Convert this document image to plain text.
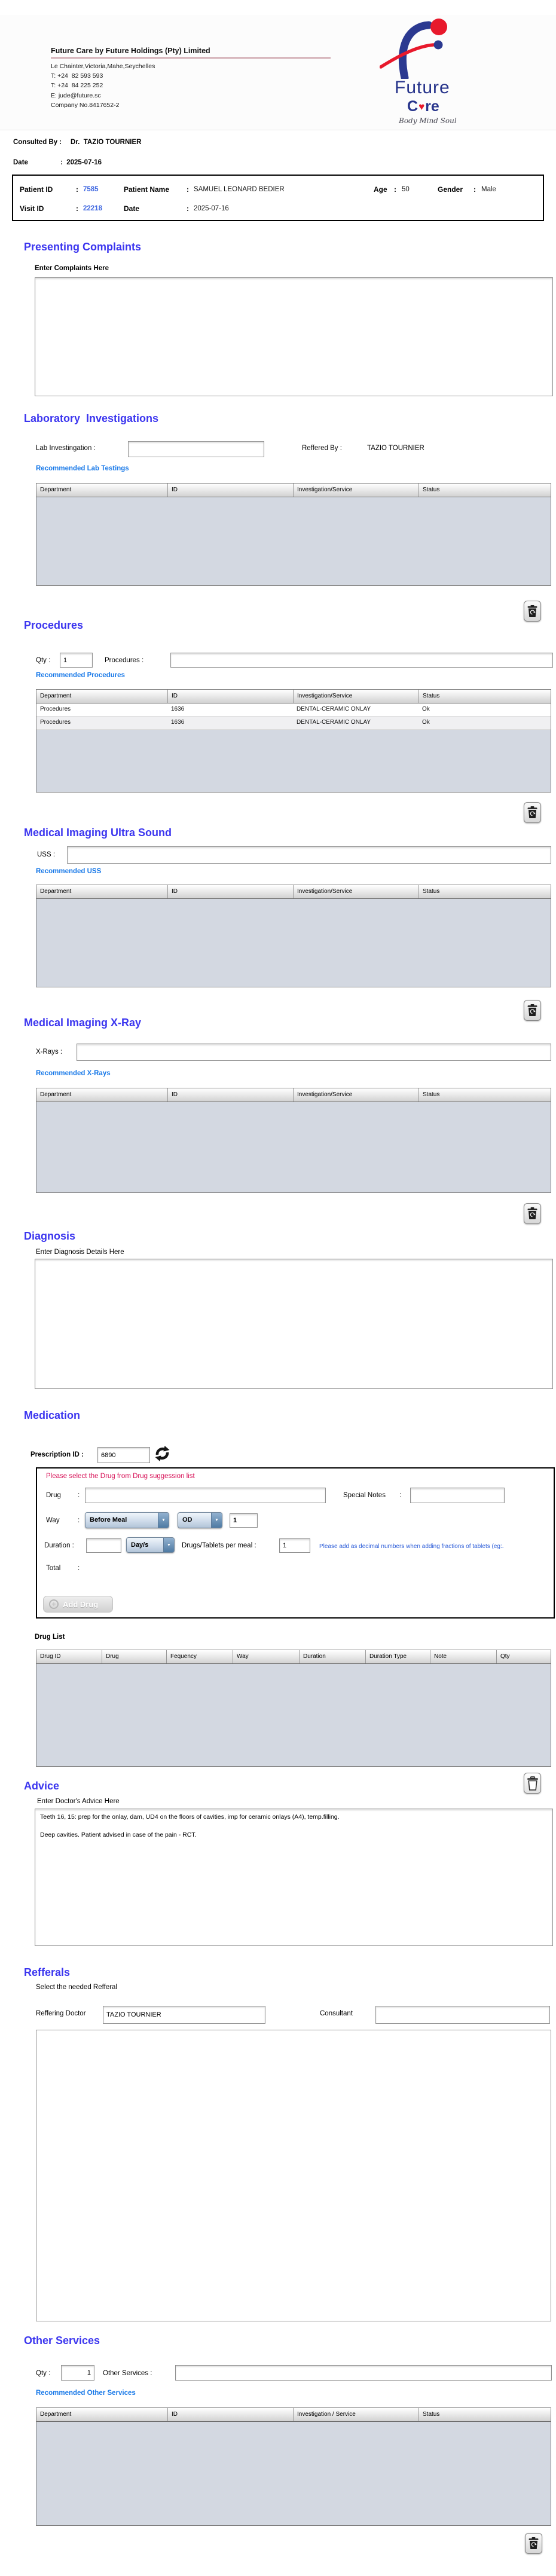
Future Care by Future Holdings (Pty) Limited
Le Chainter,Victoria,Mahe,Seychelles
T: +24  82 593 593
T: +24  84 225 252
E: jude@future.sc
Company No.8417652-2
Future
C ♥ re
Body Mind Soul
Consulted By : Dr.  TAZIO TOURNIER
Date	:  2025-07-16
Patient ID	: 7585	Patient Name : SAMUEL LEONARD BEDIER	Age : 50	Gender : Male
Visit ID	: 22218	Date	: 2025-07-16
Presenting Complaints
Enter Complaints Here
Laboratory  Investigations
Lab Investingation :	Reffered By :	TAZIO TOURNIER
Recommended Lab Testings
Department	ID	Investigation/Service	Status
Procedures
Qty :
1	Procedures :
Recommended Procedures
Department	ID	Investigation/Service	Status
Procedures	1636	DENTAL-CERAMIC ONLAY	Ok
Procedures	1636	DENTAL-CERAMIC ONLAY	Ok
Medical Imaging Ultra Sound
USS :
Recommended USS
Department	ID	Investigation/Service	Status
Medical Imaging X-Ray
X-Rays :
Recommended X-Rays
Department	ID	Investigation/Service	Status
Diagnosis
Enter Diagnosis Details Here
Medication
Prescription ID :
6890
Please select the Drug from Drug suggession list
Drug :	Special Notes :
Way	:	Before Meal	▼	OD	▼
1
Duration :	Day/s	▼	Drugs/Tablets per meal :
1	Please add as decimal numbers when adding fractions of tablets (eg:.
Total :
+ Add Drug
Drug List
Drug ID	Drug	Fequency	Way	Duration	Duration Type	Note	Qty
Advice
Enter Doctor's Advice Here
Teeth 16, 15: prep for the onlay, dam, UD4 on the floors of cavities, imp for ceramic onlays (A4), temp.filling. Deep cavities. Patient advised in case of the pain - RCT.
Refferals
Select the needed Refferal
Reffering Doctor
TAZIO TOURNIER	Consultant
Other Services
Qty :
1	Other Services :
Recommended Other Services
Department	ID	Investigation / Service	Status
